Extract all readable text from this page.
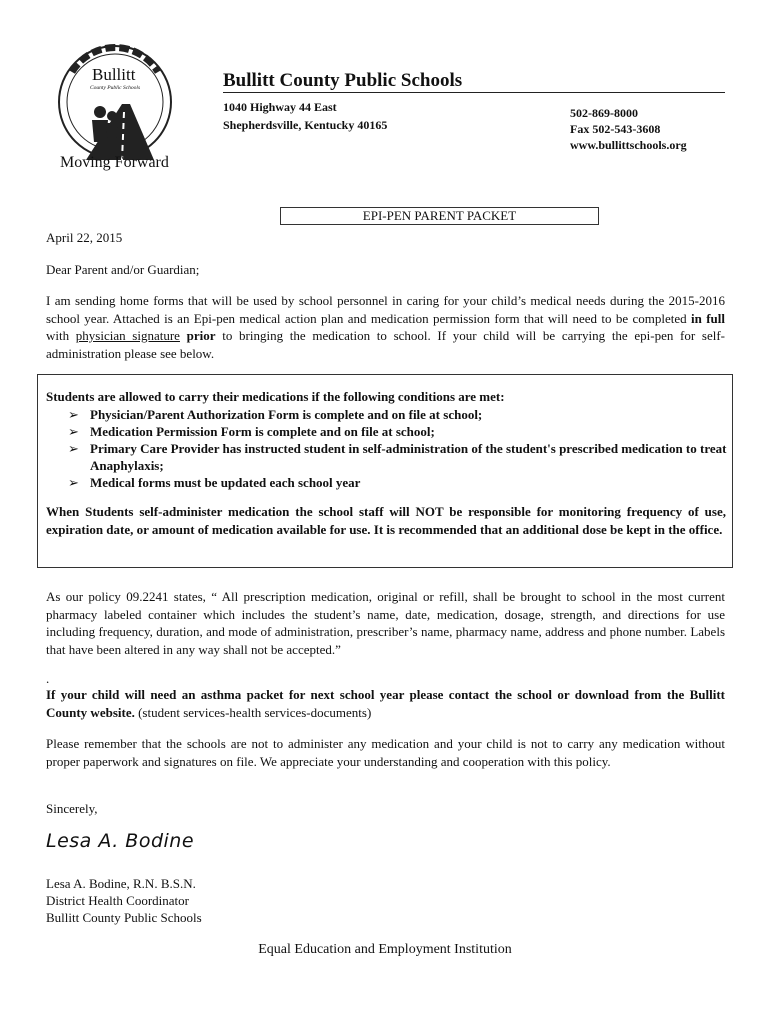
Bullitt
County Public Schools
Moving Forward
Bullitt County Public Schools
1040 Highway 44 East
Shepherdsville, Kentucky 40165
502-869-8000
Fax 502-543-3608
www.bullittschools.org
EPI-PEN PARENT PACKET
April 22, 2015
Dear Parent and/or Guardian;
I am sending home forms that will be used by school personnel in caring for your child’s medical needs during the 2015-2016 school year. Attached is an Epi-pen medical action plan and medication permission form that will need to be completed in full with physician signature prior to bringing the medication to school. If your child will be carrying the epi-pen for self-administration please see below.
Students are allowed to carry their medications if the following conditions are met:
➢ Physician/Parent Authorization Form is complete and on file at school;
➢ Medication Permission Form is complete and on file at school;
➢ Primary Care Provider has instructed student in self-administration of the student's prescribed medication to treat Anaphylaxis;
➢ Medical forms must be updated each school year
When Students self-administer medication the school staff will NOT be responsible for monitoring frequency of use, expiration date, or amount of medication available for use. It is recommended that an additional dose be kept in the office.
As our policy 09.2241 states, “ All prescription medication, original or refill, shall be brought to school in the most current pharmacy labeled container which includes the student’s name, date, medication, dosage, strength, and directions for use including frequency, duration, and mode of administration, prescriber’s name, pharmacy name, address and phone number. Labels that have been altered in any way shall not be accepted.”
.
If your child will need an asthma packet for next school year please contact the school or download from the Bullitt County website. (student services-health services-documents)
Please remember that the schools are not to administer any medication and your child is not to carry any medication without proper paperwork and signatures on file. We appreciate your understanding and cooperation with this policy.
Sincerely,
Lesa A. Bodine
Lesa A. Bodine, R.N. B.S.N.
District Health Coordinator
Bullitt County Public Schools
Equal Education and Employment Institution
